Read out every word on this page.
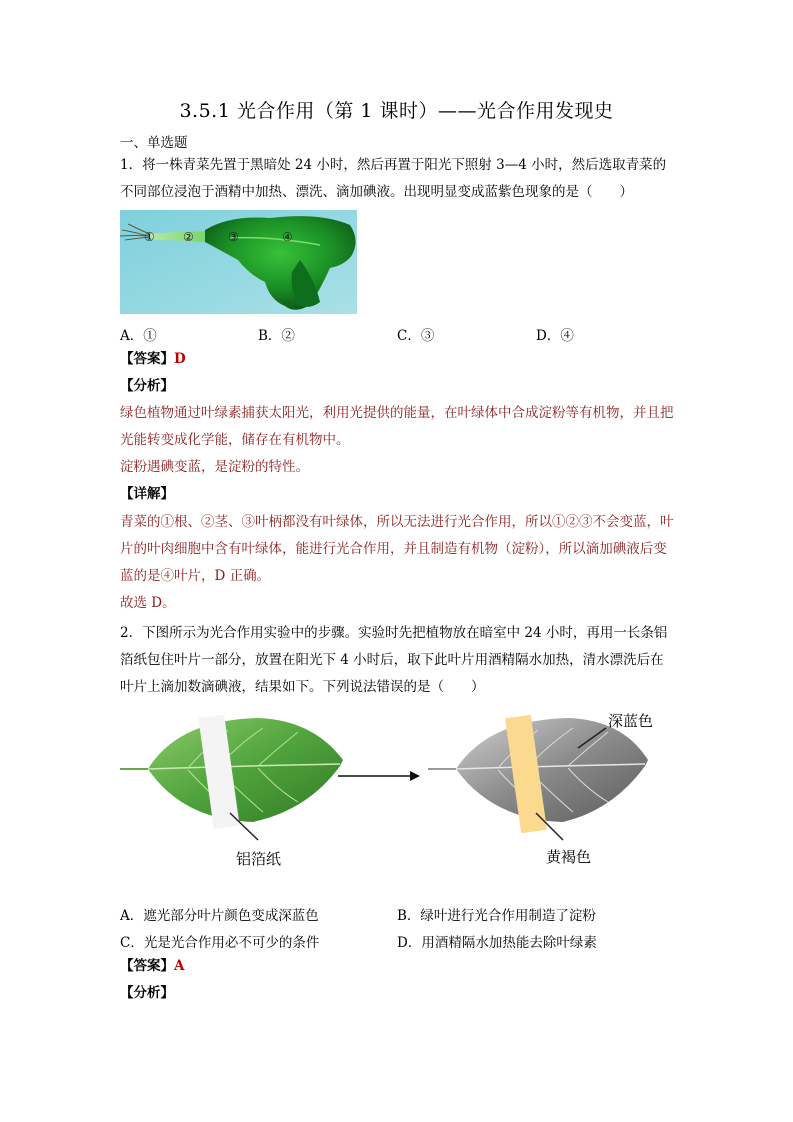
3.5.1 光合作用（第 1 课时）——光合作用发现史
一、单选题
1．将一株青菜先置于黑暗处 24 小时，然后再置于阳光下照射 3—4 小时，然后选取青菜的
不同部位浸泡于酒精中加热、漂洗、滴加碘液。出现明显变成蓝紫色现象的是（　　）
① ②	③	④
A．①	B．②	C．③	D．④
【答案】D
【分析】
绿色植物通过叶绿素捕获太阳光，利用光提供的能量，在叶绿体中合成淀粉等有机物，并且把光能转变成化学能，储存在有机物中。
淀粉遇碘变蓝，是淀粉的特性。
【详解】
青菜的①根、②茎、③叶柄都没有叶绿体，所以无法进行光合作用，所以①②③不会变蓝，叶片的叶肉细胞中含有叶绿体，能进行光合作用，并且制造有机物（淀粉），所以滴加碘液后变蓝的是④叶片，D 正确。
故选 D。
2．下图所示为光合作用实验中的步骤。实验时先把植物放在暗室中 24 小时，再用一长条铝箔纸包住叶片一部分，放置在阳光下 4 小时后，取下此叶片用酒精隔水加热，清水漂洗后在叶片上滴加数滴碘液，结果如下。下列说法错误的是（　　）
铝箔纸	黄褐色
深蓝色
A．遮光部分叶片颜色变成深蓝色	B．绿叶进行光合作用制造了淀粉
C．光是光合作用必不可少的条件	D．用酒精隔水加热能去除叶绿素
【答案】A
【分析】
